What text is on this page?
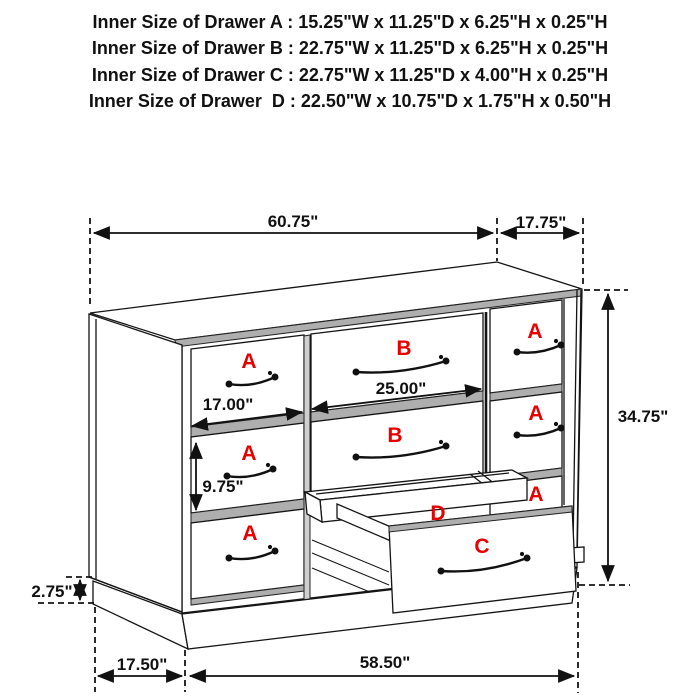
Inner Size of Drawer A : 15.25"W x 11.25"D x 6.25"H x 0.25"H
Inner Size of Drawer B : 22.75"W x 11.25"D x 6.25"H x 0.25"H
Inner Size of Drawer C : 22.75"W x 11.25"D x 4.00"H x 0.25"H
Inner Size of Drawer  D : 22.50"W x 10.75"D x 1.75"H x 0.50"H
A
A
A
B
B
A
A
A
D
C
60.75"	17.75"
34.75"
25.00"
17.00"
9.75"
2.75"
17.50"	58.50"
